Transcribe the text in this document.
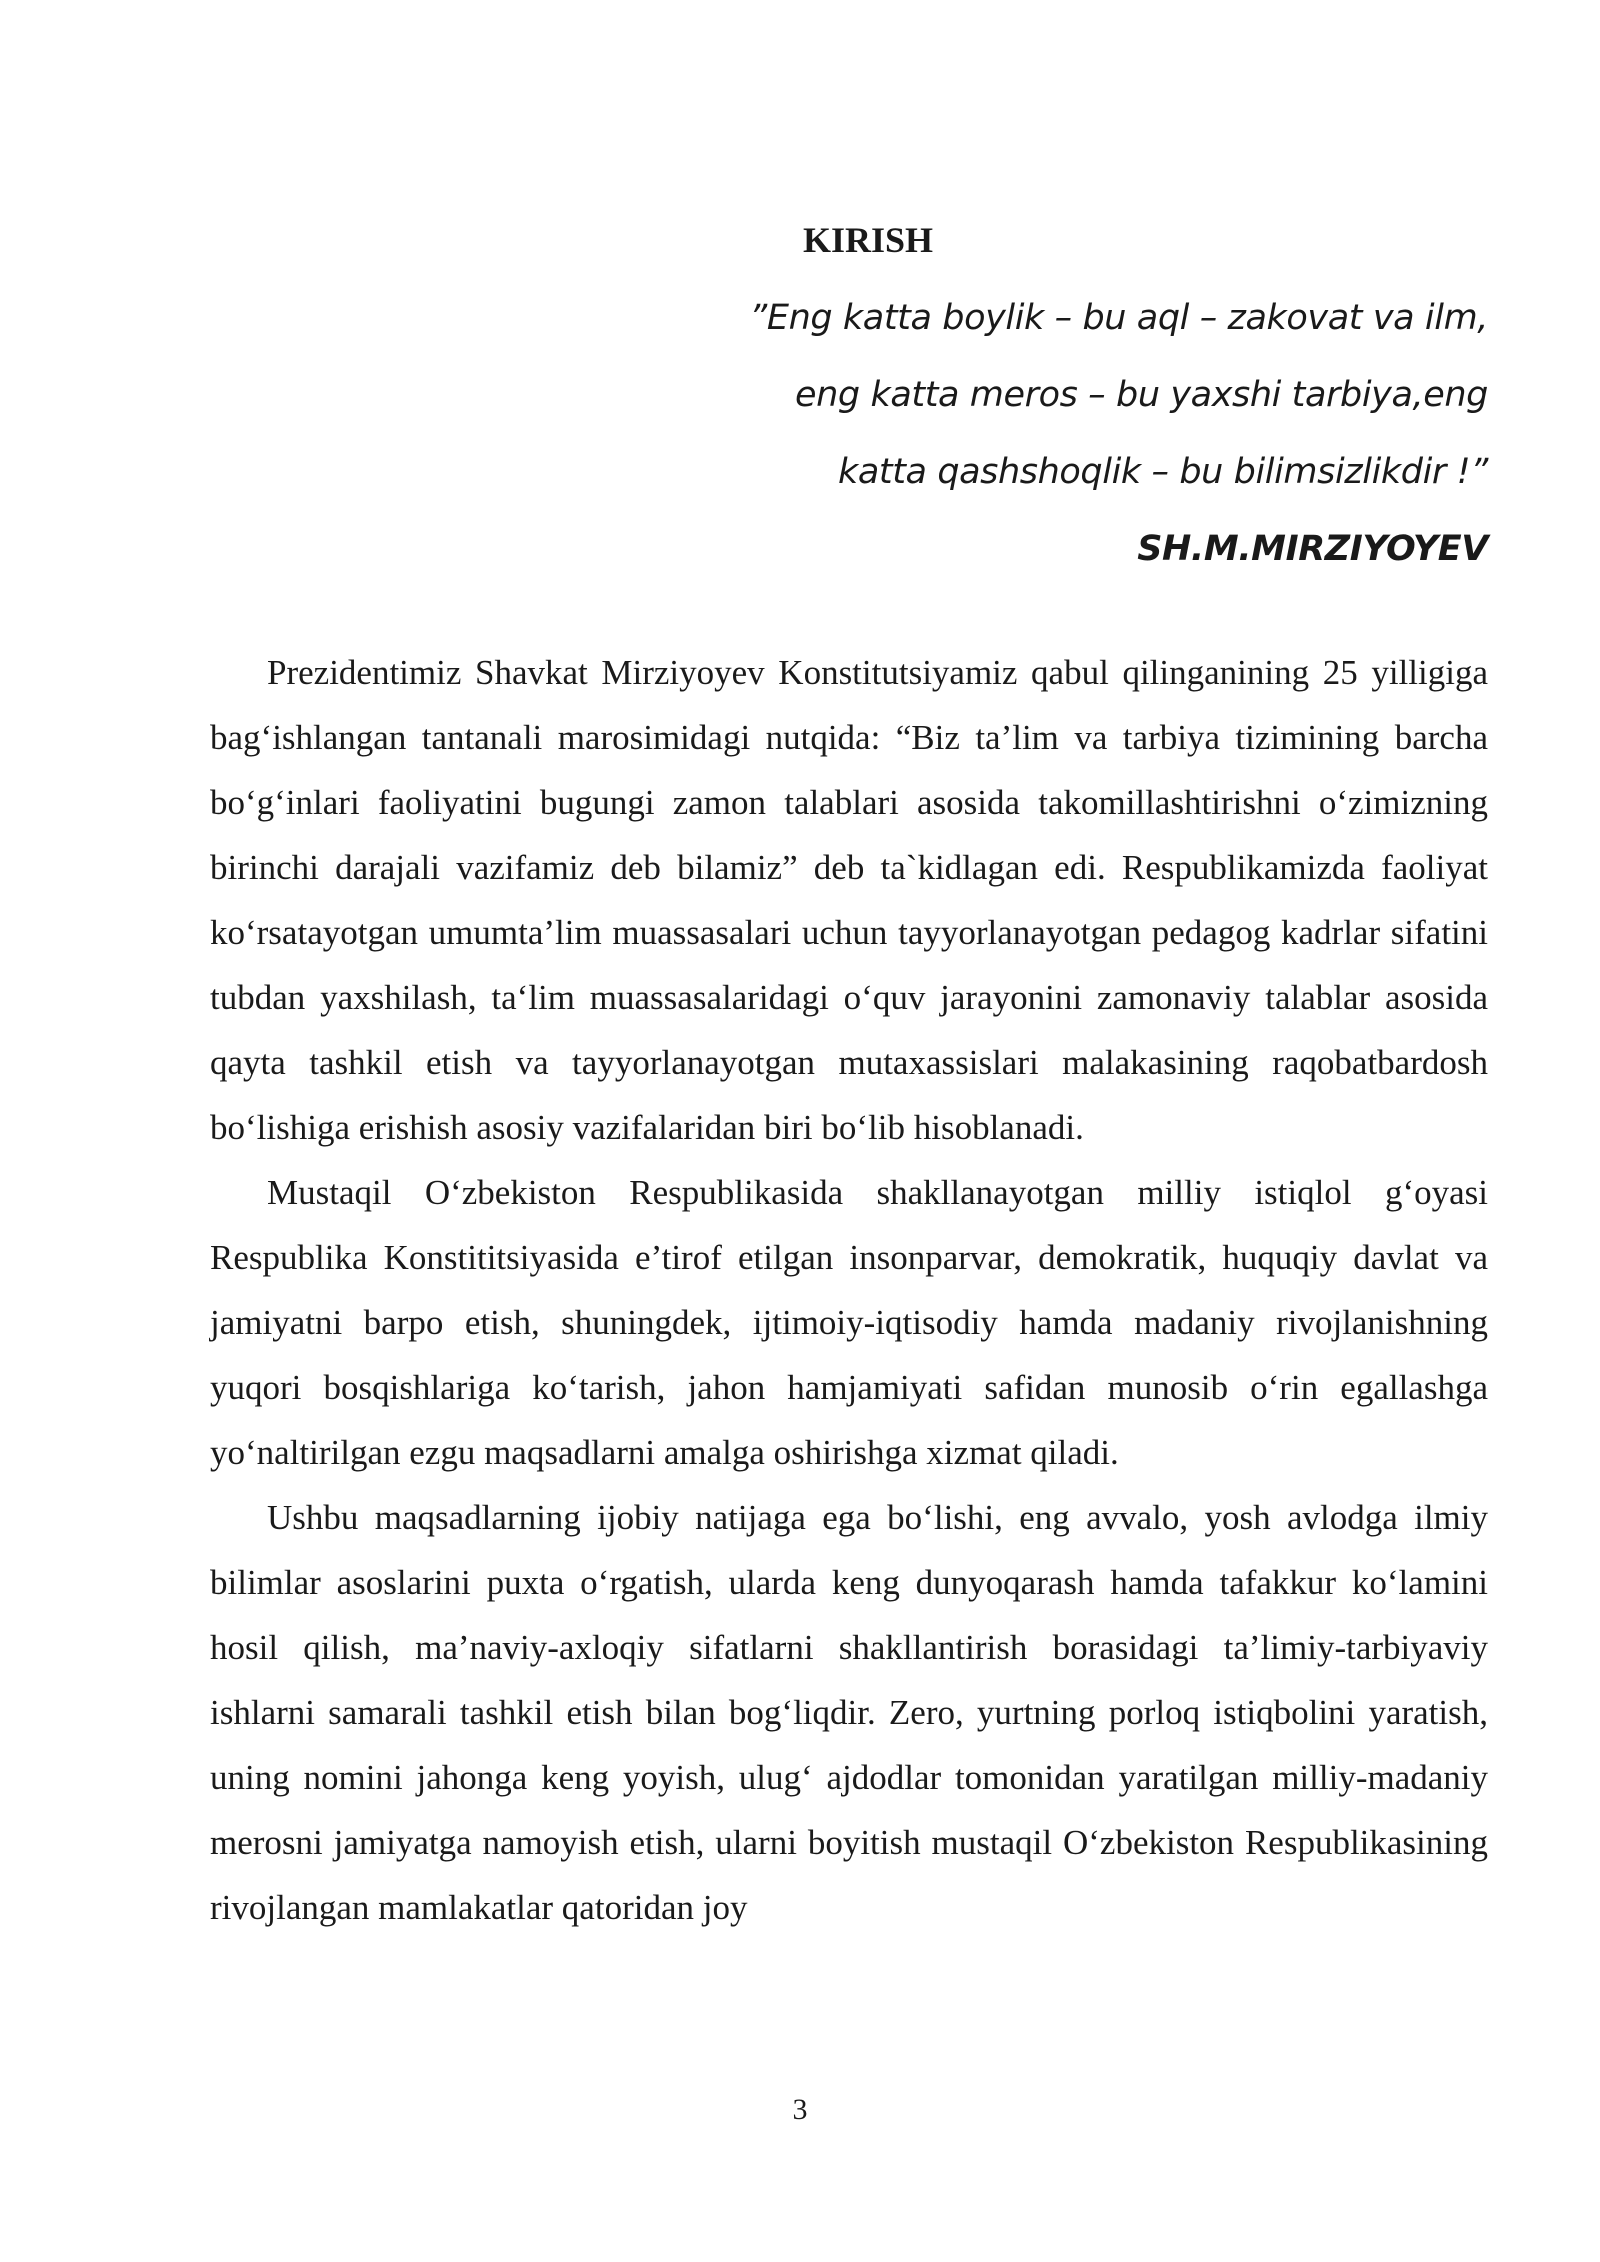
KIRISH
”Eng katta boylik – bu aql – zakovat va ilm,
eng katta meros – bu yaxshi tarbiya,eng
katta qashshoqlik – bu bilimsizlikdir !”
SH.M.MIRZIYOYEV

Prezidentimiz Shavkat Mirziyoyev Konstitutsiyamiz qabul qilinganining 25 yilligiga bag‘ishlangan tantanali marosimidagi nutqida: “Biz ta’lim va tarbiya tizimining barcha bo‘g‘inlari faoliyatini bugungi zamon talablari asosida takomillashtirishni o‘zimizning birinchi darajali vazifamiz deb bilamiz” deb ta`kidlagan edi. Respublikamizda faoliyat ko‘rsatayotgan umumta’lim muassasalari uchun tayyorlanayotgan pedagog kadrlar sifatini tubdan yaxshilash, ta‘lim muassasalaridagi o‘quv jarayonini zamonaviy talablar asosida qayta tashkil etish va tayyorlanayotgan mutaxassislari malakasining raqobatbardosh bo‘lishiga erishish asosiy vazifalaridan biri bo‘lib hisoblanadi.

Mustaqil O‘zbekiston Respublikasida shakllanayotgan milliy istiqlol g‘oyasi Respublika Konstititsiyasida e’tirof etilgan insonparvar, demokratik, huquqiy davlat va jamiyatni barpo etish, shuningdek, ijtimoiy-iqtisodiy hamda madaniy rivojlanishning yuqori bosqishlariga ko‘tarish, jahon hamjamiyati safidan munosib o‘rin egallashga yo‘naltirilgan ezgu maqsadlarni amalga oshirishga xizmat qiladi.

Ushbu maqsadlarning ijobiy natijaga ega bo‘lishi, eng avvalo, yosh avlodga ilmiy bilimlar asoslarini puxta o‘rgatish, ularda keng dunyoqarash hamda tafakkur ko‘lamini hosil qilish, ma’naviy-axloqiy sifatlarni shakllantirish borasidagi ta’limiy-tarbiyaviy ishlarni samarali tashkil etish bilan bog‘liqdir. Zero, yurtning porloq istiqbolini yaratish, uning nomini jahonga keng yoyish, ulug‘ ajdodlar tomonidan yaratilgan milliy-madaniy merosni jamiyatga namoyish etish, ularni boyitish mustaqil O‘zbekiston Respublikasining rivojlangan mamlakatlar qatoridan joy

3
